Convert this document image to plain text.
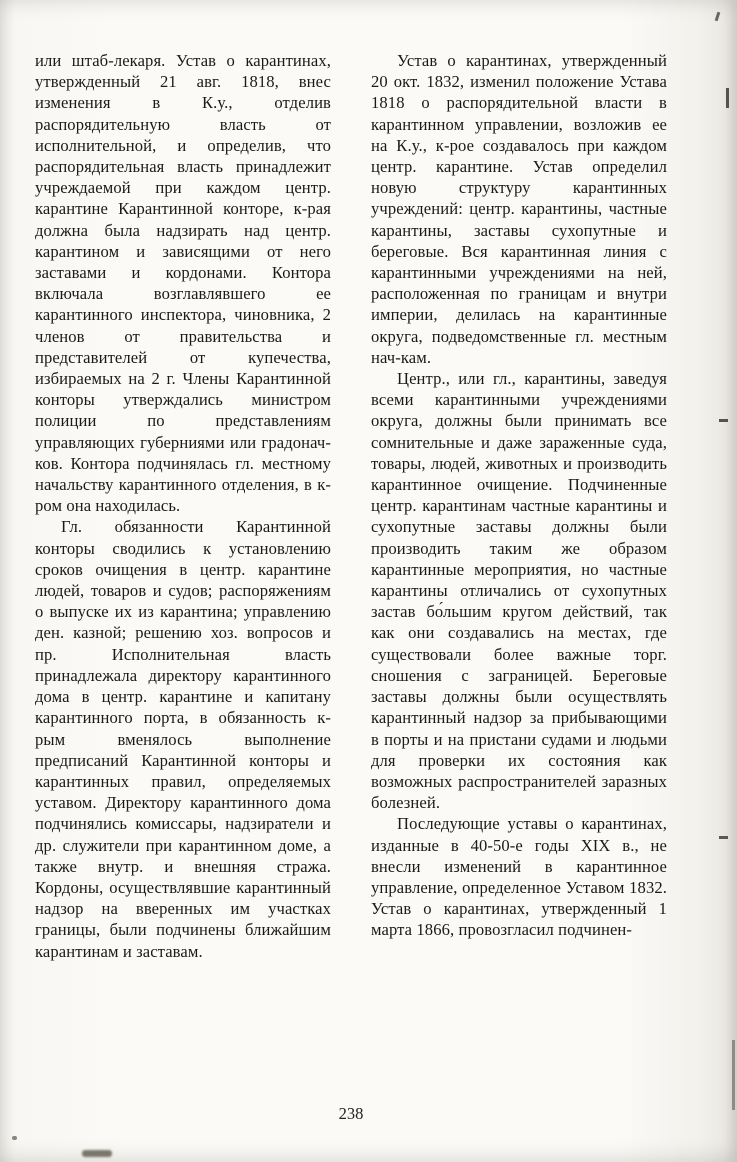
или штаб-лекаря. Устав о карантинах, утвержденный 21 авг. 1818, внес изменения в К.у., отделив распорядительную власть от исполнительной, и определив, что распорядительная власть принадлежит учреждаемой при каждом центр. карантине Карантинной конторе, к-рая должна была надзирать над центр. карантином и зависящими от него заставами и кордонами. Контора включала возглавлявшего ее карантинного инспектора, чиновника, 2 членов от правительства и представителей от купечества, избираемых на 2 г. Члены Карантинной конторы утверждались министром полиции по представлениям управляющих губерниями или градонач-ков. Контора подчинялась гл. местному начальству карантинного отделения, в к-ром она находилась.

Гл. обязанности Карантинной конторы сводились к установлению сроков очищения в центр. карантине людей, товаров и судов; распоряжениям о выпуске их из карантина; управлению ден. казной; решению хоз. вопросов и пр. Исполнительная власть принадлежала директору карантинного дома в центр. карантине и капитану карантинного порта, в обязанность к-рым вменялось выполнение предписаний Карантинной конторы и карантинных правил, определяемых уставом. Директору карантинного дома подчинялись комиссары, надзиратели и др. служители при карантинном доме, а также внутр. и внешняя стража. Кордоны, осуществлявшие карантинный надзор на вверенных им участках границы, были подчинены ближайшим карантинам и заставам.

Устав о карантинах, утвержденный 20 окт. 1832, изменил положение Устава 1818 о распорядительной власти в карантинном управлении, возложив ее на К.у., к-рое создавалось при каждом центр. карантине. Устав определил новую структуру карантинных учреждений: центр. карантины, частные карантины, заставы сухопутные и береговые. Вся карантинная линия с карантинными учреждениями на ней, расположенная по границам и внутри империи, делилась на карантинные округа, подведомственные гл. местным нач-кам.

Центр., или гл., карантины, заведуя всеми карантинными учреждениями округа, должны были принимать все сомнительные и даже зараженные суда, товары, людей, животных и производить карантинное очищение. Подчиненные центр. карантинам частные карантины и сухопутные заставы должны были производить таким же образом карантинные мероприятия, но частные карантины отличались от сухопутных застав бо́льшим кругом действий, так как они создавались на местах, где существовали более важные торг. сношения с заграницей. Береговые заставы должны были осуществлять карантинный надзор за прибывающими в порты и на пристани судами и людьми для проверки их состояния как возможных распространителей заразных болезней.

Последующие уставы о карантинах, изданные в 40-50-е годы XIX в., не внесли изменений в карантинное управление, определенное Уставом 1832. Устав о карантинах, утвержденный 1 марта 1866, провозгласил подчинен-

238
